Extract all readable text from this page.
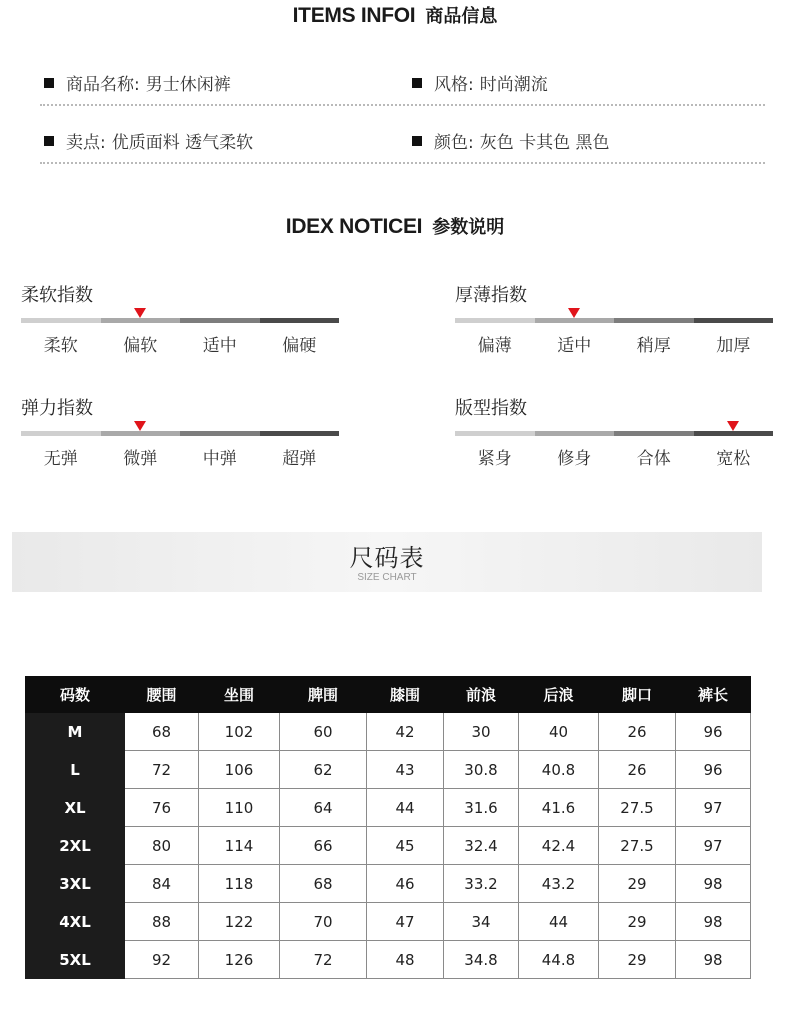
ITEMS INFOI 商品信息
商品名称: 男士休闲裤	风格: 时尚潮流
卖点: 优质面料 透气柔软	颜色: 灰色 卡其色 黑色
IDEX NOTICEI 参数说明
柔软指数
柔软	偏软	适中	偏硬
厚薄指数
偏薄	适中	稍厚	加厚
弹力指数
无弹	微弹	中弹	超弹
版型指数
紧身	修身	合体	宽松
尺码表
SIZE CHART
码数	腰围	坐围	脾围	膝围	前浪	后浪	脚口	裤长
M	68	102	60	42	30	40	26	96
L	72	106	62	43	30.8	40.8	26	96
XL	76	110	64	44	31.6	41.6	27.5	97
2XL	80	114	66	45	32.4	42.4	27.5	97
3XL	84	118	68	46	33.2	43.2	29	98
4XL	88	122	70	47	34	44	29	98
5XL	92	126	72	48	34.8	44.8	29	98
